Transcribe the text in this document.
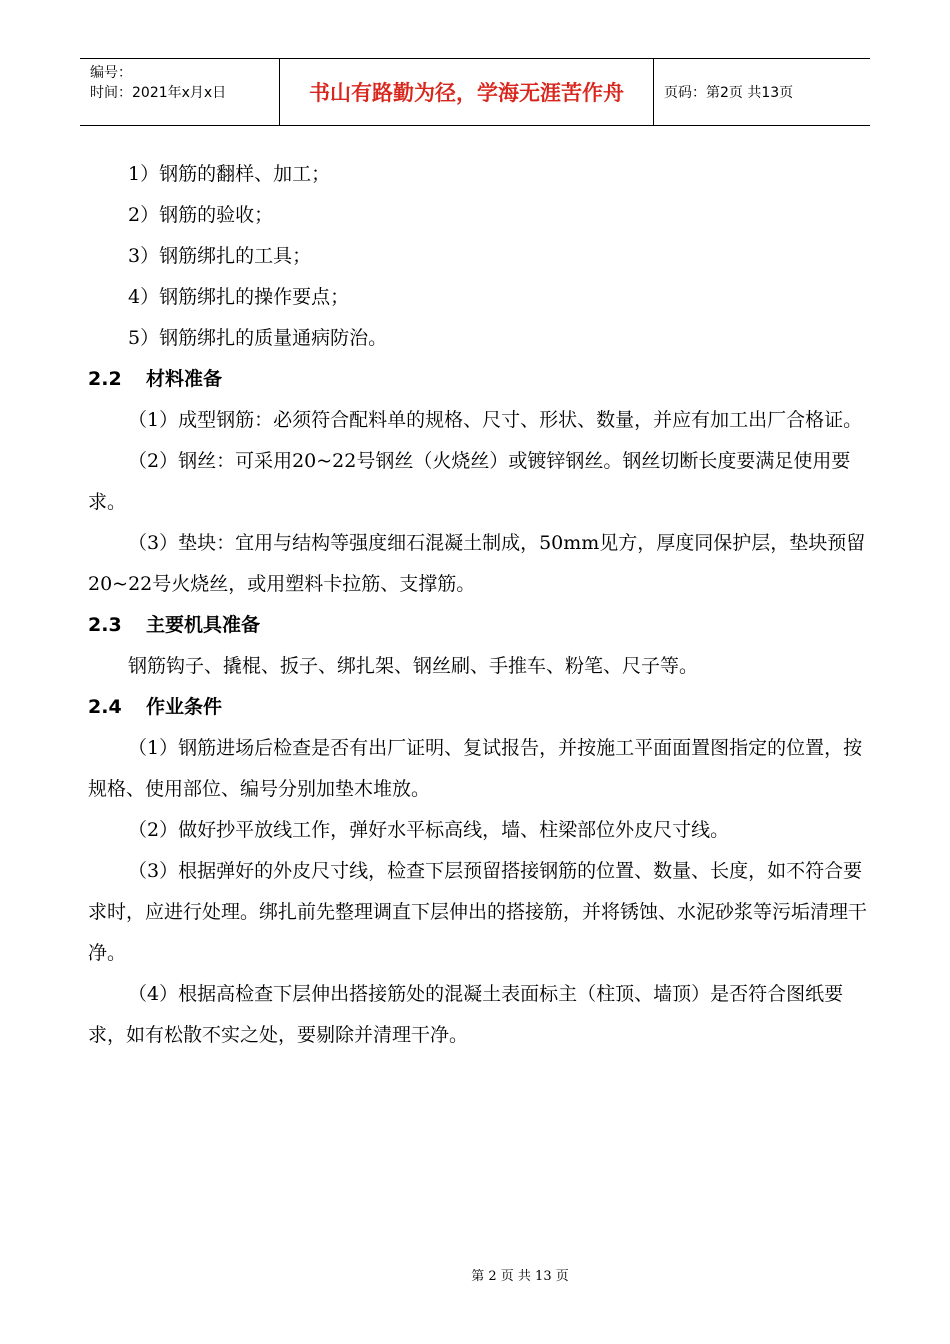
编号：
时间：2021年x月x日	书山有路勤为径，学海无涯苦作舟	页码：第2页 共13页

1）钢筋的翻样、加工；

2）钢筋的验收；

3）钢筋绑扎的工具；

4）钢筋绑扎的操作要点；

5）钢筋绑扎的质量通病防治。

2.2 材料准备

（1）成型钢筋：必须符合配料单的规格、尺寸、形状、数量，并应有加工出厂合格证。

（2）钢丝：可采用20~22号钢丝（火烧丝）或镀锌钢丝。钢丝切断长度要满足使用要求。

（3）垫块：宜用与结构等强度细石混凝土制成，50mm见方，厚度同保护层，垫块预留20~22号火烧丝，或用塑料卡拉筋、支撑筋。

2.3 主要机具准备

钢筋钩子、撬棍、扳子、绑扎架、钢丝刷、手推车、粉笔、尺子等。

2.4 作业条件

（1）钢筋进场后检查是否有出厂证明、复试报告，并按施工平面面置图指定的位置，按规格、使用部位、编号分别加垫木堆放。

（2）做好抄平放线工作，弹好水平标高线，墙、柱梁部位外皮尺寸线。

（3）根据弹好的外皮尺寸线，检查下层预留搭接钢筋的位置、数量、长度，如不符合要求时，应进行处理。绑扎前先整理调直下层伸出的搭接筋，并将锈蚀、水泥砂浆等污垢清理干净。

（4）根据高检查下层伸出搭接筋处的混凝土表面标主（柱顶、墙顶）是否符合图纸要求，如有松散不实之处，要剔除并清理干净。

第 2 页 共 13 页
